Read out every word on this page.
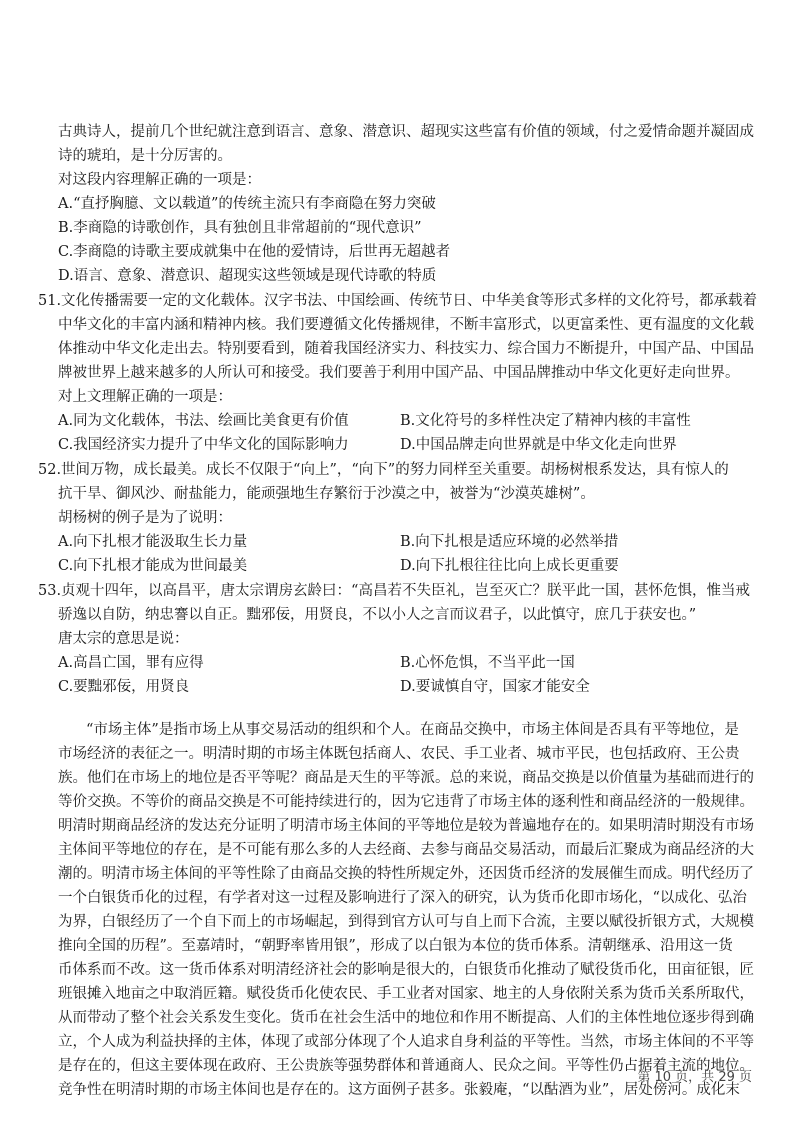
古典诗人，提前几个世纪就注意到语言、意象、潜意识、超现实这些富有价值的领域，付之爱情命题并凝固成
诗的琥珀，是十分厉害的。
对这段内容理解正确的一项是：
A.“直抒胸臆、文以载道”的传统主流只有李商隐在努力突破
B.李商隐的诗歌创作，具有独创且非常超前的“现代意识”
C.李商隐的诗歌主要成就集中在他的爱情诗，后世再无超越者
D.语言、意象、潜意识、超现实这些领域是现代诗歌的特质
51.文化传播需要一定的文化载体。汉字书法、中国绘画、传统节日、中华美食等形式多样的文化符号，都承载着
中华文化的丰富内涵和精神内核。我们要遵循文化传播规律，不断丰富形式，以更富柔性、更有温度的文化载
体推动中华文化走出去。特别要看到，随着我国经济实力、科技实力、综合国力不断提升，中国产品、中国品
牌被世界上越来越多的人所认可和接受。我们要善于利用中国产品、中国品牌推动中华文化更好走向世界。
对上文理解正确的一项是：
A.同为文化载体，书法、绘画比美食更有价值	B.文化符号的多样性决定了精神内核的丰富性
C.我国经济实力提升了中华文化的国际影响力	D.中国品牌走向世界就是中华文化走向世界
52.世间万物，成长最美。成长不仅限于“向上”，“向下”的努力同样至关重要。胡杨树根系发达，具有惊人的
抗干旱、御风沙、耐盐能力，能顽强地生存繁衍于沙漠之中，被誉为“沙漠英雄树”。
胡杨树的例子是为了说明：
A.向下扎根才能汲取生长力量	B.向下扎根是适应环境的必然举措
C.向下扎根才能成为世间最美	D.向下扎根往往比向上成长更重要
53.贞观十四年，以高昌平，唐太宗谓房玄龄曰：“高昌若不失臣礼，岂至灭亡？朕平此一国，甚怀危惧，惟当戒
骄逸以自防，纳忠謇以自正。黜邪佞，用贤良，不以小人之言而议君子，以此慎守，庶几于获安也。”
唐太宗的意思是说：
A.高昌亡国，罪有应得	B.心怀危惧，不当平此一国
C.要黜邪佞，用贤良	D.要诚慎自守，国家才能安全
“市场主体”是指市场上从事交易活动的组织和个人。在商品交换中，市场主体间是否具有平等地位，是
市场经济的表征之一。明清时期的市场主体既包括商人、农民、手工业者、城市平民，也包括政府、王公贵
族。他们在市场上的地位是否平等呢？商品是天生的平等派。总的来说，商品交换是以价值量为基础而进行的
等价交换。不等价的商品交换是不可能持续进行的，因为它违背了市场主体的逐利性和商品经济的一般规律。
明清时期商品经济的发达充分证明了明清市场主体间的平等地位是较为普遍地存在的。如果明清时期没有市场
主体间平等地位的存在，是不可能有那么多的人去经商、去参与商品交易活动，而最后汇聚成为商品经济的大
潮的。明清市场主体间的平等性除了由商品交换的特性所规定外，还因货币经济的发展催生而成。明代经历了
一个白银货币化的过程，有学者对这一过程及影响进行了深入的研究，认为货币化即市场化，“以成化、弘治
为界，白银经历了一个自下而上的市场崛起，到得到官方认可与自上而下合流，主要以赋役折银方式，大规模
推向全国的历程”。至嘉靖时，“朝野率皆用银”，形成了以白银为本位的货币体系。清朝继承、沿用这一货
币体系而不改。这一货币体系对明清经济社会的影响是很大的，白银货币化推动了赋役货币化，田亩征银，匠
班银摊入地亩之中取消匠籍。赋役货币化使农民、手工业者对国家、地主的人身依附关系为货币关系所取代，
从而带动了整个社会关系发生变化。货币在社会生活中的地位和作用不断提高、人们的主体性地位逐步得到确
立，个人成为利益抉择的主体，体现了或部分体现了个人追求自身利益的平等性。当然，市场主体间的不平等
是存在的，但这主要体现在政府、王公贵族等强势群体和普通商人、民众之间。平等性仍占据着主流的地位。
竞争性在明清时期的市场主体间也是存在的。这方面例子甚多。张毅庵，“以酤酒为业”，居处傍河。成化末
第 10 页，共 29 页
